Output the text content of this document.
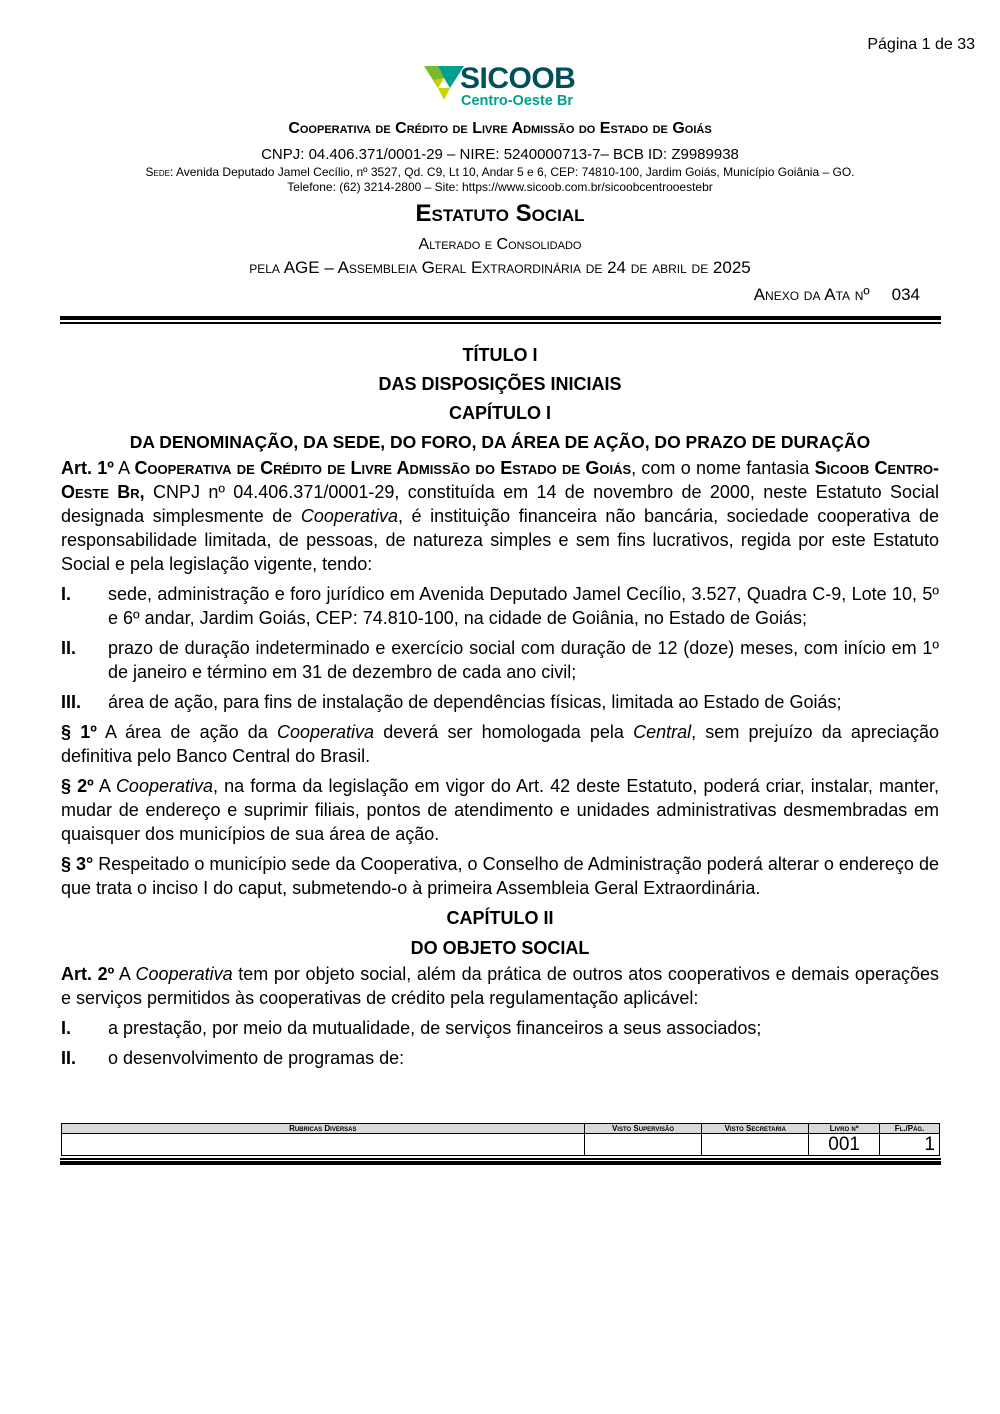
Página 1 de 33
SICOOB
Centro-Oeste Br
Cooperativa de Crédito de Livre Admissão do Estado de Goiás
CNPJ: 04.406.371/0001-29 – NIRE: 5240000713-7– BCB ID: Z9989938
Sede: Avenida Deputado Jamel Cecílio, nº 3527, Qd. C9, Lt 10, Andar 5 e 6, CEP: 74810-100, Jardim Goiás, Município Goiânia – GO.
Telefone: (62) 3214-2800 – Site: https://www.sicoob.com.br/sicoobcentrooestebr
Estatuto Social
Alterado e Consolidado
pela AGE – Assembleia Geral Extraordinária de 24 de abril de 2025
Anexo da Ata nº 034
TÍTULO I
DAS DISPOSIÇÕES INICIAIS
CAPÍTULO I
DA DENOMINAÇÃO, DA SEDE, DO FORO, DA ÁREA DE AÇÃO, DO PRAZO DE DURAÇÃO

Art. 1º A Cooperativa de Crédito de Livre Admissão do Estado de Goiás, com o nome fantasia Sicoob Centro-Oeste Br, CNPJ nº 04.406.371/0001-29, constituída em 14 de novembro de 2000, neste Estatuto Social designada simplesmente de Cooperativa, é instituição financeira não bancária, sociedade cooperativa de responsabilidade limitada, de pessoas, de natureza simples e sem fins lucrativos, regida por este Estatuto Social e pela legislação vigente, tendo:

I.	sede, administração e foro jurídico em Avenida Deputado Jamel Cecílio, 3.527, Quadra C-9, Lote 10, 5º e 6º andar, Jardim Goiás, CEP: 74.810-100, na cidade de Goiânia, no Estado de Goiás;
II.	prazo de duração indeterminado e exercício social com duração de 12 (doze) meses, com início em 1º de janeiro e término em 31 de dezembro de cada ano civil;
III.	área de ação, para fins de instalação de dependências físicas, limitada ao Estado de Goiás;

§ 1º A área de ação da Cooperativa deverá ser homologada pela Central, sem prejuízo da apreciação definitiva pelo Banco Central do Brasil.

§ 2º A Cooperativa, na forma da legislação em vigor do Art. 42 deste Estatuto, poderá criar, instalar, manter, mudar de endereço e suprimir filiais, pontos de atendimento e unidades administrativas desmembradas em quaisquer dos municípios de sua área de ação.

§ 3° Respeitado o município sede da Cooperativa, o Conselho de Administração poderá alterar o endereço de que trata o inciso I do caput, submetendo-o à primeira Assembleia Geral Extraordinária.

CAPÍTULO II
DO OBJETO SOCIAL

Art. 2º A Cooperativa tem por objeto social, além da prática de outros atos cooperativos e demais operações e serviços permitidos às cooperativas de crédito pela regulamentação aplicável:

I.	a prestação, por meio da mutualidade, de serviços financeiros a seus associados;
II.	o desenvolvimento de programas de:
Rubricas Diversas	Visto Supervisão	Visto Secretaria	Livro nº	Fl./Pág.
			001	1
